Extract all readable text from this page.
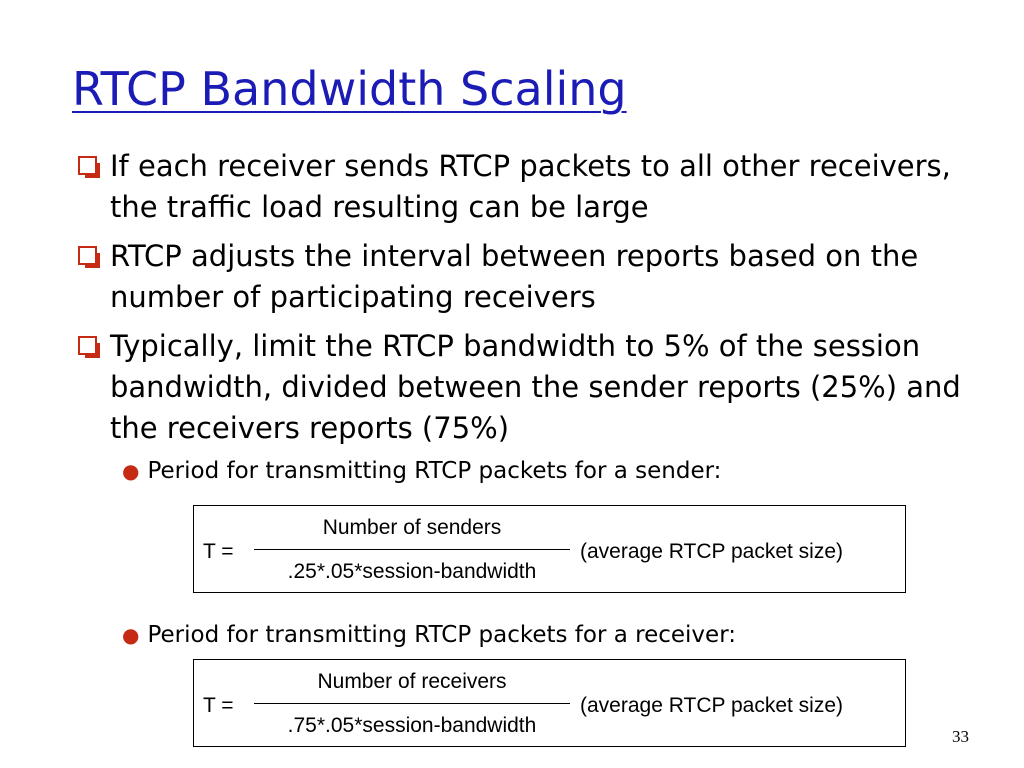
RTCP Bandwidth Scaling
If each receiver sends RTCP packets to all other receivers, the traffic load resulting can be large
RTCP adjusts the interval between reports based on the number of participating receivers
Typically, limit the RTCP bandwidth to 5% of the session bandwidth, divided between the sender reports (25%) and the receivers reports (75%)
● Period for transmitting RTCP packets for a sender:
T =
Number of senders
.25*.05*session-bandwidth
(average RTCP packet size)
● Period for transmitting RTCP packets for a receiver:
T =
Number of receivers
.75*.05*session-bandwidth
(average RTCP packet size)
33
